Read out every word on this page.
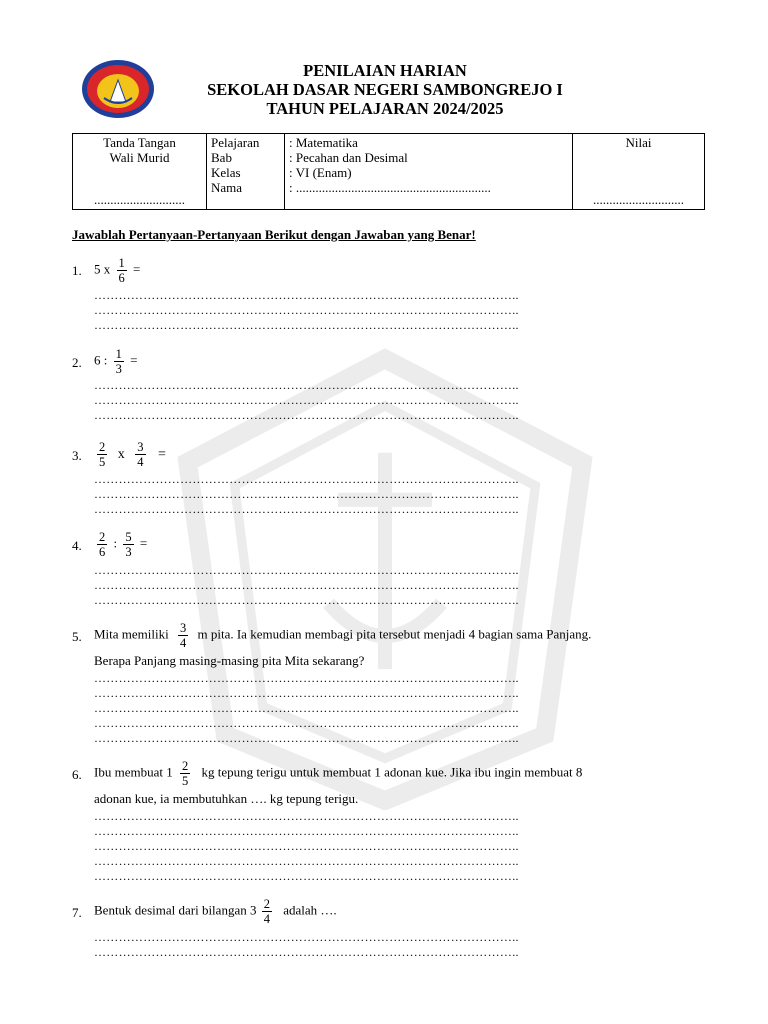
PENILAIAN HARIAN
SEKOLAH DASAR NEGERI SAMBONGREJO I
TAHUN PELAJARAN 2024/2025
Tanda Tangan
Wali Murid
............................

Pelajaran
Bab
Kelas
Nama

: Matematika
: Pecahan dan Desimal
: VI (Enam)
: ............................................................

Nilai
............................
Jawablah Pertanyaan-Pertanyaan Berikut dengan Jawaban yang Benar!
1. 5 x $\frac{1}{6}$ =
…………………………………………………………………………………………..
…………………………………………………………………………………………..
…………………………………………………………………………………………..
2. 6 : $\frac{1}{3}$ =
…………………………………………………………………………………………..
…………………………………………………………………………………………..
…………………………………………………………………………………………..
3. $\frac{2}{5}$ x $\frac{3}{4}$ =
…………………………………………………………………………………………..
…………………………………………………………………………………………..
…………………………………………………………………………………………..
4. $\frac{2}{6}$ : $\frac{5}{3}$ =
…………………………………………………………………………………………..
…………………………………………………………………………………………..
…………………………………………………………………………………………..
5. Mita memiliki $\frac{3}{4}$ m pita. Ia kemudian membagi pita tersebut menjadi 4 bagian sama Panjang.
Berapa Panjang masing-masing pita Mita sekarang?
…………………………………………………………………………………………..
…………………………………………………………………………………………..
…………………………………………………………………………………………..
…………………………………………………………………………………………..
…………………………………………………………………………………………..
6. Ibu membuat $1 \frac{2}{5}$ kg tepung terigu untuk membuat 1 adonan kue. Jika ibu ingin membuat 8
adonan kue, ia membutuhkan …. kg tepung terigu.
…………………………………………………………………………………………..
…………………………………………………………………………………………..
…………………………………………………………………………………………..
…………………………………………………………………………………………..
…………………………………………………………………………………………..
7. Bentuk desimal dari bilangan $3 \frac{2}{4}$ adalah ….
…………………………………………………………………………………………..
…………………………………………………………………………………………..
